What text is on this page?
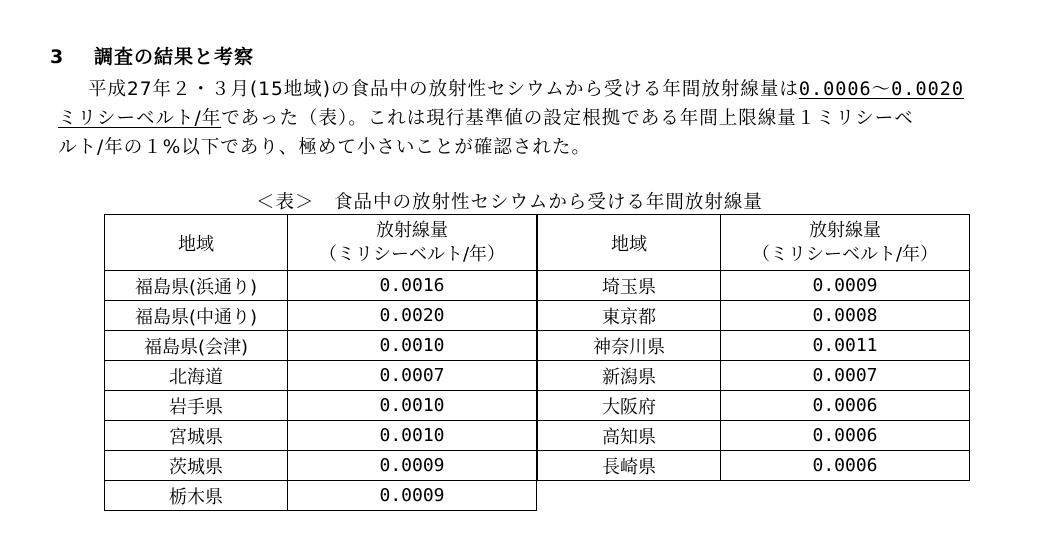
3 調査の結果と考察
平成27年２・３月(15地域)の食品中の放射性セシウムから受ける年間放射線量は0.0006～0.0020
ミリシーベルト/年であった（表）。これは現行基準値の設定根拠である年間上限線量１ミリシーベ
ルト/年の１%以下であり、極めて小さいことが確認された。
＜表＞　食品中の放射性セシウムから受ける年間放射線量
地域	放射線量
（ミリシーベルト/年）

福島県(浜通り)	0.0016
福島県(中通り)	0.0020
福島県(会津)	0.0010
北海道	0.0007
岩手県	0.0010
宮城県	0.0010
茨城県	0.0009
栃木県	0.0009
地域	放射線量
（ミリシーベルト/年）

埼玉県	0.0009
東京都	0.0008
神奈川県	0.0011
新潟県	0.0007
大阪府	0.0006
高知県	0.0006
長崎県	0.0006
